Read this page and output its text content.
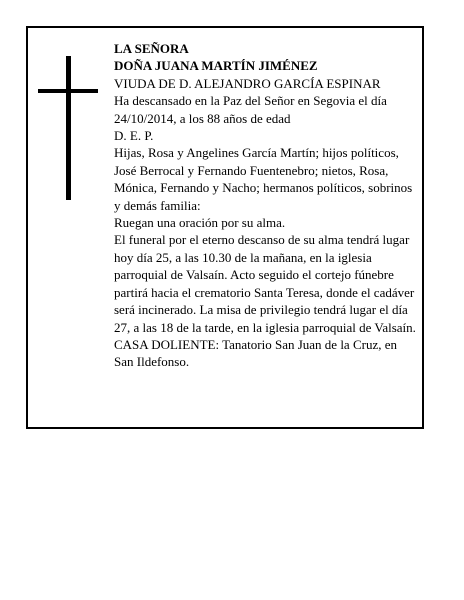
LA SEÑORA

DOÑA JUANA MARTÍN JIMÉNEZ

VIUDA DE D. ALEJANDRO GARCÍA ESPINAR

Ha descansado en la Paz del Señor en Segovia el día 24/10/2014, a los 88 años de edad

D. E. P.

Hijas, Rosa y Angelines García Martín; hijos políticos, José Berrocal y Fernando Fuentenebro; nietos, Rosa, Mónica, Fernando y Nacho; hermanos políticos, sobrinos y demás familia:

Ruegan una oración por su alma.

El funeral por el eterno descanso de su alma tendrá lugar hoy día 25, a las 10.30 de la mañana, en la iglesia parroquial de Valsaín. Acto seguido el cortejo fúnebre partirá hacia el crematorio Santa Teresa, donde el cadáver será incinerado. La misa de privilegio tendrá lugar el día 27, a las 18 de la tarde, en la iglesia parroquial de Valsaín.

CASA DOLIENTE: Tanatorio San Juan de la Cruz, en San Ildefonso.
